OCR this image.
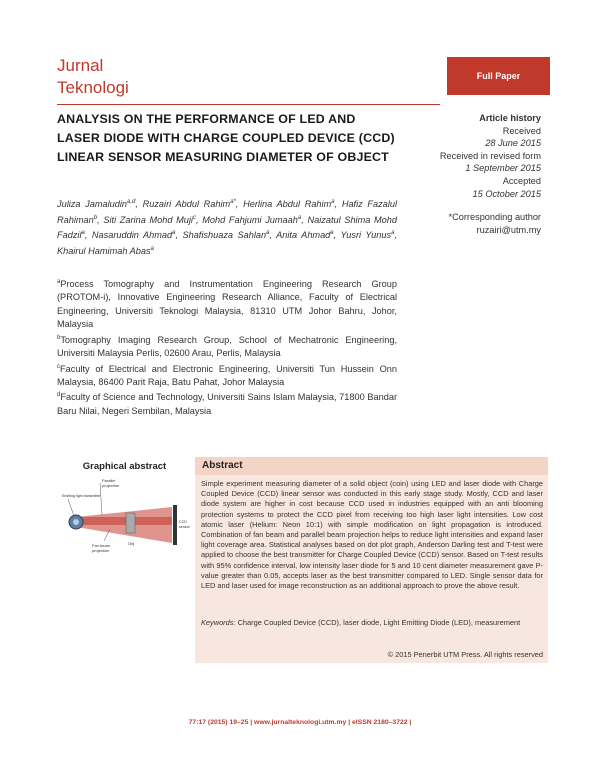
Jurnal
Teknologi
Full Paper
ANALYSIS ON THE PERFORMANCE OF LED AND LASER DIODE WITH CHARGE COUPLED DEVICE (CCD) LINEAR SENSOR MEASURING DIAMETER OF OBJECT
Article history
Received
28 June 2015
Received in revised form
1 September 2015
Accepted
15 October 2015
*Corresponding author
ruzairi@utm.my
Juliza Jamaludin$^{a,d}$, Ruzairi Abdul Rahim$^{a*}$, Herlina Abdul Rahim$^a$, Hafiz Fazalul Rahiman$^b$, Siti Zarina Mohd Muji$^c$, Mohd Fahjumi Jumaah$^a$, Naizatul Shima Mohd Fadzil$^a$, Nasaruddin Ahmad$^a$, Shafishuaza Sahlan$^a$, Anita Ahmad$^a$, Yusri Yunus$^a$, Khairul Hamimah Abas$^a$

$^a$Process Tomography and Instrumentation Engineering Research Group (PROTOM-i), Innovative Engineering Research Alliance, Faculty of Electrical Engineering, Universiti Teknologi Malaysia, 81310 UTM Johor Bahru, Johor, Malaysia

$^b$Tomography Imaging Research Group, School of Mechatronic Engineering, Universiti Malaysia Perlis, 02600 Arau, Perlis, Malaysia

$^c$Faculty of Electrical and Electronic Engineering, Universiti Tun Hussein Onn Malaysia, 86400 Parit Raja, Batu Pahat, Johor Malaysia

$^d$Faculty of Science and Technology, Universiti Sains Islam Malaysia, 71800 Bandar Baru Nilai, Negeri Sembilan, Malaysia

Graphical abstract
Parallel
projection
Emitting light transmitter
Fan beam
projection
Obj
CCD
sensor
Abstract
Simple experiment measuring diameter of a solid object (coin) using LED and laser diode with Charge Coupled Device (CCD) linear sensor was conducted in this early stage study. Mostly, CCD and laser diode system are higher in cost because CCD used in industries equipped with an anti blooming protection systems to protect the CCD pixel from receiving too high laser light intensities. Low cost atomic laser (Helium: Neon 10:1) with simple modification on light propagation is introduced. Combination of fan beam and parallel beam projection helps to reduce light intensities and expand laser light coverage area. Statistical analyses based on dot plot graph, Anderson Darling test and T-test were applied to choose the best transmitter for Charge Coupled Device (CCD) sensor. Based on T-test results with 95% confidence interval, low intensity laser diode for 5 and 10 cent diameter measurement gave P-value greater than 0.05, accepts laser as the best transmitter compared to LED. Single sensor data for LED and laser used for image reconstruction as an additional approach to prove the above result.
Keywords: Charge Coupled Device (CCD), laser diode, Light Emitting Diode (LED), measurement
© 2015 Penerbit UTM Press. All rights reserved
77:17 (2015) 19–25 | www.jurnalteknologi.utm.my | eISSN 2180–3722 |
